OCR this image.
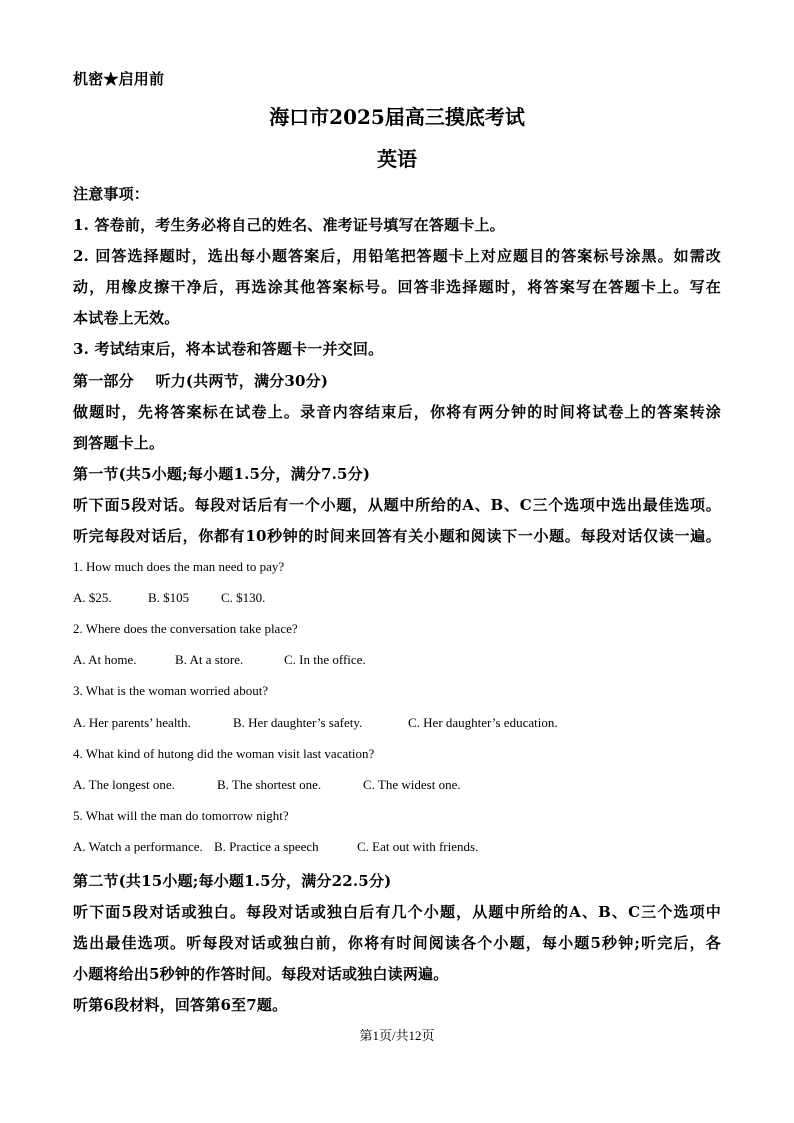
机密★启用前
海口市2025届高三摸底考试
英语
注意事项：
1. 答卷前，考生务必将自己的姓名、准考证号填写在答题卡上。
2. 回答选择题时，选出每小题答案后，用铅笔把答题卡上对应题目的答案标号涂黑。如需改
动，用橡皮擦干净后，再选涂其他答案标号。回答非选择题时，将答案写在答题卡上。写在
本试卷上无效。
3. 考试结束后，将本试卷和答题卡一并交回。
第一部分    听力(共两节，满分30分)
做题时，先将答案标在试卷上。录音内容结束后，你将有两分钟的时间将试卷上的答案转涂
到答题卡上。
第一节(共5小题;每小题1.5分，满分7.5分)
听下面5段对话。每段对话后有一个小题，从题中所给的A、B、C三个选项中选出最佳选项。
听完每段对话后，你都有10秒钟的时间来回答有关小题和阅读下一小题。每段对话仅读一遍。
1. How much does the man need to pay?
A. $25.	B. $105 C. $130.
2. Where does the conversation take place?
A. At home.	B. At a store.	C. In the office.
3. What is the woman worried about?
A. Her parents’ health.	B. Her daughter’s safety.	C. Her daughter’s education.
4. What kind of hutong did the woman visit last vacation?
A. The longest one.	B. The shortest one.	C. The widest one.
5. What will the man do tomorrow night?
A. Watch a performance. B. Practice a speech	C. Eat out with friends.
第二节(共15小题;每小题1.5分，满分22.5分)
听下面5段对话或独白。每段对话或独白后有几个小题，从题中所给的A、B、C三个选项中
选出最佳选项。听每段对话或独白前，你将有时间阅读各个小题，每小题5秒钟;听完后，各
小题将给出5秒钟的作答时间。每段对话或独白读两遍。
听第6段材料，回答第6至7题。
第1页/共12页
